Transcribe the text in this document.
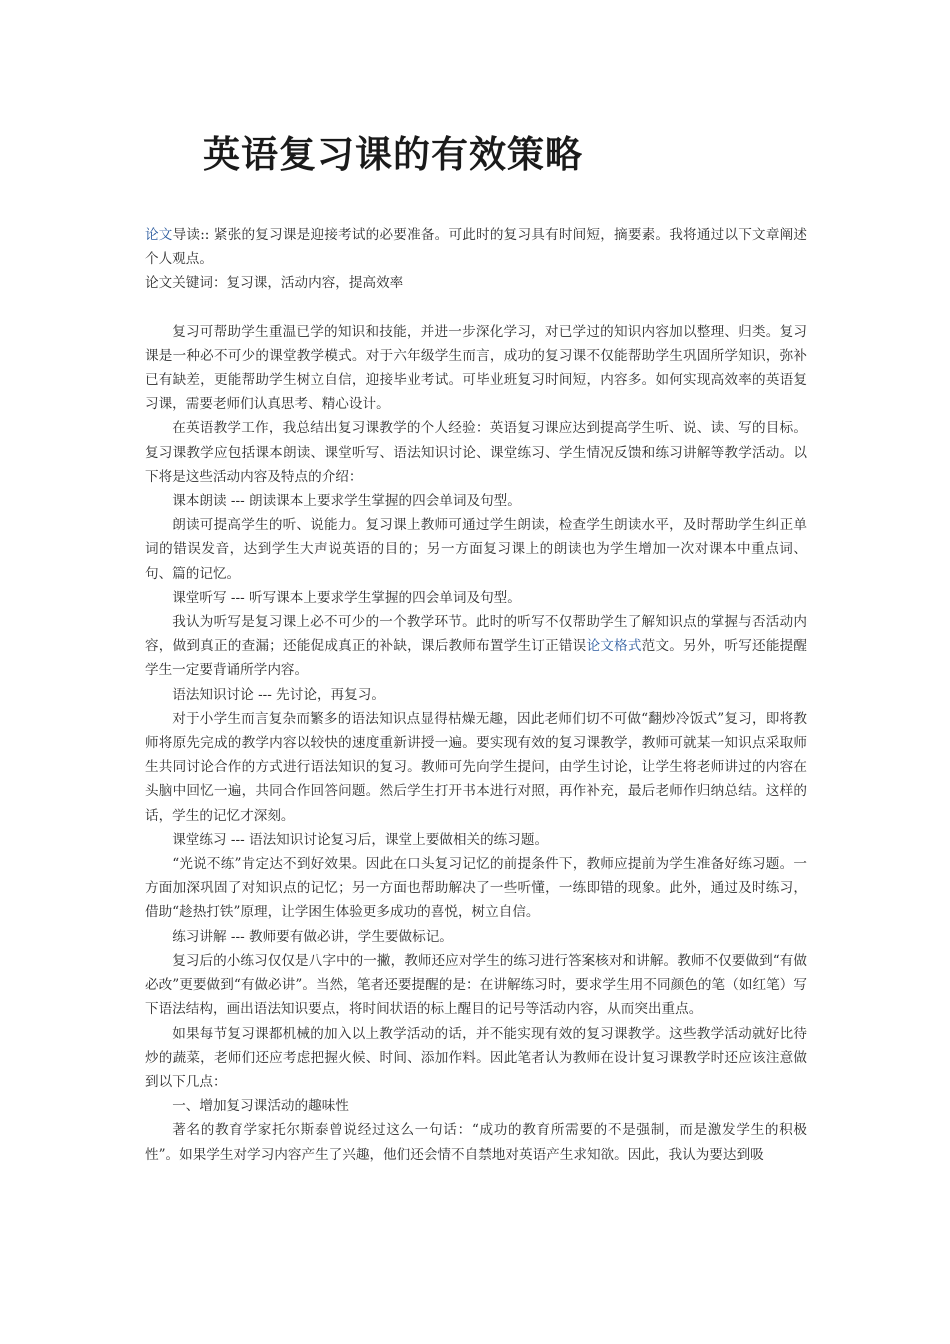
英语复习课的有效策略

论文导读:: 紧张的复习课是迎接考试的必要准备。可此时的复习具有时间短，摘要素。我将通过以下文章阐述个人观点。

论文关键词：复习课，活动内容，提高效率

复习可帮助学生重温已学的知识和技能，并进一步深化学习，对已学过的知识内容加以整理、归类。复习课是一种必不可少的课堂教学模式。对于六年级学生而言，成功的复习课不仅能帮助学生巩固所学知识，弥补已有缺差，更能帮助学生树立自信，迎接毕业考试。可毕业班复习时间短，内容多。如何实现高效率的英语复习课，需要老师们认真思考、精心设计。

在英语教学工作，我总结出复习课教学的个人经验：英语复习课应达到提高学生听、说、读、写的目标。复习课教学应包括课本朗读、课堂听写、语法知识讨论、课堂练习、学生情况反馈和练习讲解等教学活动。以下将是这些活动内容及特点的介绍：

课本朗读 --- 朗读课本上要求学生掌握的四会单词及句型。

朗读可提高学生的听、说能力。复习课上教师可通过学生朗读，检查学生朗读水平，及时帮助学生纠正单词的错误发音，达到学生大声说英语的目的；另一方面复习课上的朗读也为学生增加一次对课本中重点词、句、篇的记忆。

课堂听写 --- 听写课本上要求学生掌握的四会单词及句型。

我认为听写是复习课上必不可少的一个教学环节。此时的听写不仅帮助学生了解知识点的掌握与否活动内容，做到真正的查漏；还能促成真正的补缺，课后教师布置学生订正错误论文格式范文。另外，听写还能提醒学生一定要背诵所学内容。

语法知识讨论 --- 先讨论，再复习。

对于小学生而言复杂而繁多的语法知识点显得枯燥无趣，因此老师们切不可做“翻炒冷饭式”复习，即将教师将原先完成的教学内容以较快的速度重新讲授一遍。要实现有效的复习课教学，教师可就某一知识点采取师生共同讨论合作的方式进行语法知识的复习。教师可先向学生提问，由学生讨论，让学生将老师讲过的内容在头脑中回忆一遍，共同合作回答问题。然后学生打开书本进行对照，再作补充，最后老师作归纳总结。这样的话，学生的记忆才深刻。

课堂练习 --- 语法知识讨论复习后，课堂上要做相关的练习题。

“光说不练”肯定达不到好效果。因此在口头复习记忆的前提条件下，教师应提前为学生准备好练习题。一方面加深巩固了对知识点的记忆；另一方面也帮助解决了一些听懂，一练即错的现象。此外，通过及时练习，借助“趁热打铁”原理，让学困生体验更多成功的喜悦，树立自信。

练习讲解 --- 教师要有做必讲，学生要做标记。

复习后的小练习仅仅是八字中的一撇，教师还应对学生的练习进行答案核对和讲解。教师不仅要做到“有做必改”更要做到“有做必讲”。当然，笔者还要提醒的是：在讲解练习时，要求学生用不同颜色的笔（如红笔）写下语法结构，画出语法知识要点，将时间状语的标上醒目的记号等活动内容，从而突出重点。

如果每节复习课都机械的加入以上教学活动的话，并不能实现有效的复习课教学。这些教学活动就好比待炒的蔬菜，老师们还应考虑把握火候、时间、添加作料。因此笔者认为教师在设计复习课教学时还应该注意做到以下几点：

一、增加复习课活动的趣味性

著名的教育学家托尔斯泰曾说经过这么一句话：“成功的教育所需要的不是强制，而是激发学生的积极性”。如果学生对学习内容产生了兴趣，他们还会情不自禁地对英语产生求知欲。因此，我认为要达到吸
